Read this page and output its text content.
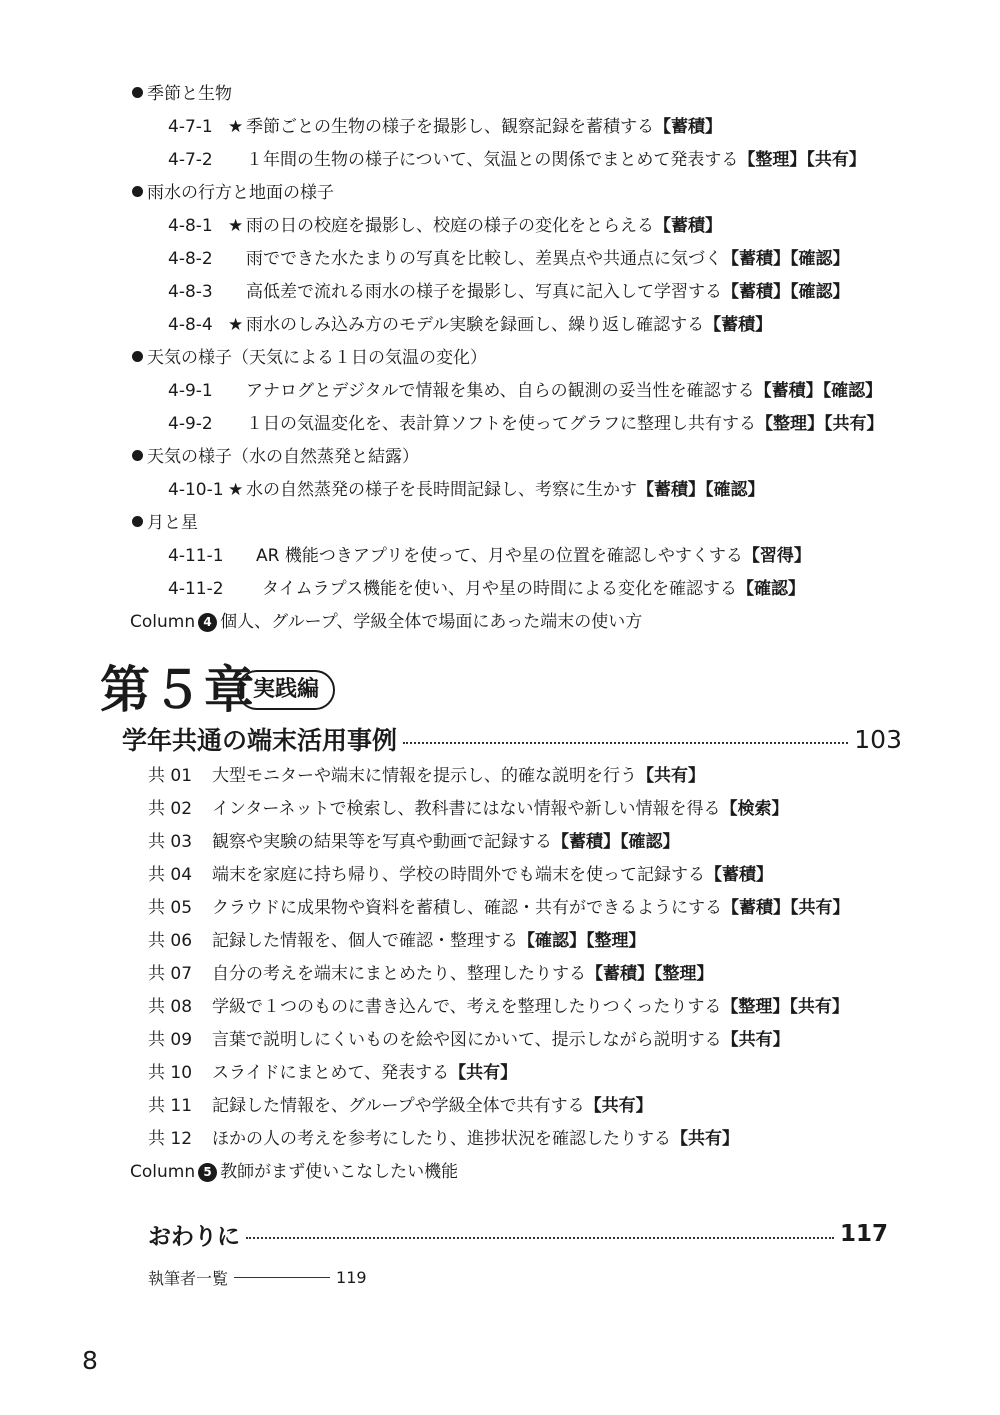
季節と生物
4-7-1 ★ 季節ごとの生物の様子を撮影し、観察記録を蓄積する【蓄積】
4-7-2 １年間の生物の様子について、気温との関係でまとめて発表する【整理】【共有】
雨水の行方と地面の様子
4-8-1 ★ 雨の日の校庭を撮影し、校庭の様子の変化をとらえる【蓄積】
4-8-2 雨でできた水たまりの写真を比較し、差異点や共通点に気づく【蓄積】【確認】
4-8-3 高低差で流れる雨水の様子を撮影し、写真に記入して学習する【蓄積】【確認】
4-8-4 ★ 雨水のしみ込み方のモデル実験を録画し、繰り返し確認する【蓄積】
天気の様子（天気による１日の気温の変化）
4-9-1 アナログとデジタルで情報を集め、自らの観測の妥当性を確認する【蓄積】【確認】
4-9-2 １日の気温変化を、表計算ソフトを使ってグラフに整理し共有する【整理】【共有】
天気の様子（水の自然蒸発と結露）
4-10-1 ★ 水の自然蒸発の様子を長時間記録し、考察に生かす【蓄積】【確認】
月と星
4-11-1 AR 機能つきアプリを使って、月や星の位置を確認しやすくする【習得】
4-11-2 タイムラプス機能を使い、月や星の時間による変化を確認する【確認】
Column 4 個人、グループ、学級全体で場面にあった端末の使い方
第５章
実践編
学年共通の端末活用事例	103
共 01 大型モニターや端末に情報を提示し、的確な説明を行う【共有】
共 02 インターネットで検索し、教科書にはない情報や新しい情報を得る【検索】
共 03 観察や実験の結果等を写真や動画で記録する【蓄積】【確認】
共 04 端末を家庭に持ち帰り、学校の時間外でも端末を使って記録する【蓄積】
共 05 クラウドに成果物や資料を蓄積し、確認・共有ができるようにする【蓄積】【共有】
共 06 記録した情報を、個人で確認・整理する【確認】【整理】
共 07 自分の考えを端末にまとめたり、整理したりする【蓄積】【整理】
共 08 学級で１つのものに書き込んで、考えを整理したりつくったりする【整理】【共有】
共 09 言葉で説明しにくいものを絵や図にかいて、提示しながら説明する【共有】
共 10 スライドにまとめて、発表する【共有】
共 11 記録した情報を、グループや学級全体で共有する【共有】
共 12 ほかの人の考えを参考にしたり、進捗状況を確認したりする【共有】
Column 5 教師がまず使いこなしたい機能
おわりに	117
執筆者一覧	119
8
